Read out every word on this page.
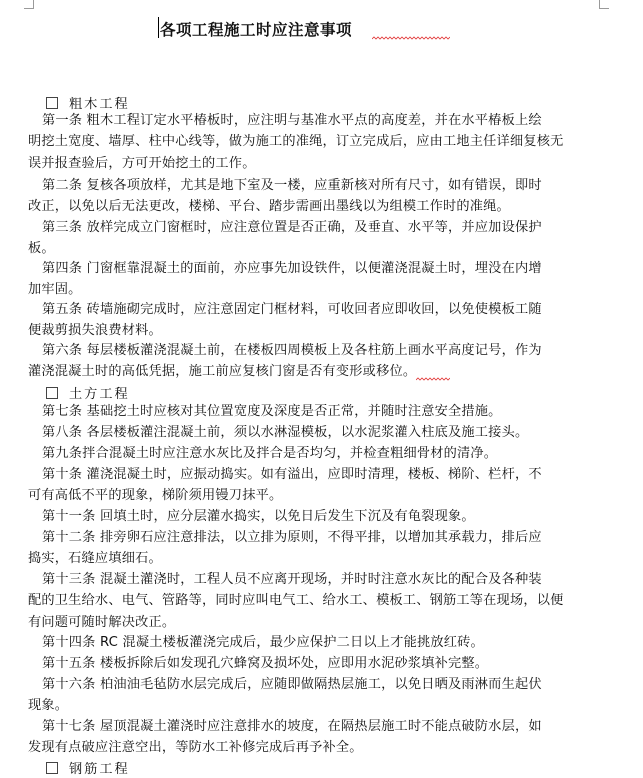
各项工程施工时应注意事项
粗木工程
第一条 粗木工程订定水平椿板时，应注明与基准水平点的高度差，并在水平椿板上绘
明挖土宽度、墙厚、柱中心线等，做为施工的准绳，订立完成后，应由工地主任详细复核无
误并报查验后，方可开始挖土的工作。
第二条 复核各项放样，尤其是地下室及一楼，应重新核对所有尺寸，如有错误，即时
改正，以免以后无法更改，楼梯、平台、踏步需画出墨线以为组模工作时的准绳。
第三条 放样完成立门窗框时，应注意位置是否正确，及垂直、水平等，并应加设保护
板。
第四条 门窗框靠混凝土的面前，亦应事先加设铁件，以便灌浇混凝土时，埋没在内增
加牢固。
第五条 砖墙施砌完成时，应注意固定门框材料，可收回者应即收回，以免使模板工随
便裁剪损失浪费材料。
第六条 每层楼板灌浇混凝土前，在楼板四周模板上及各柱筋上画水平高度记号，作为
灌浇混凝土时的高低凭据，施工前应复核门窗是否有变形或移位。
土方工程
第七条 基础挖土时应核对其位置宽度及深度是否正常，并随时注意安全措施。
第八条 各层楼板灌注混凝土前，须以水淋湿模板，以水泥浆灌入柱底及施工接头。
第九条拌合混凝土时应注意水灰比及拌合是否均匀，并检查粗细骨材的清净。
第十条 灌浇混凝土时，应振动捣实。如有溢出，应即时清理，楼板、梯阶、栏杆，不
可有高低不平的现象，梯阶须用镘刀抹平。
第十一条 回填土时，应分层灌水捣实，以免日后发生下沉及有龟裂现象。
第十二条 排旁卵石应注意排法，以立排为原则，不得平排，以增加其承载力，排后应
捣实，石缝应填细石。
第十三条 混凝土灌浇时，工程人员不应离开现场，并时时注意水灰比的配合及各种装
配的卫生给水、电气、管路等，同时应叫电气工、给水工、模板工、钢筋工等在现场，以便
有问题可随时解决改正。
第十四条 RC 混凝土楼板灌浇完成后，最少应保护二日以上才能挑放红砖。
第十五条 楼板拆除后如发现孔穴蜂窝及损坏处，应即用水泥砂浆填补完整。
第十六条 柏油油毛毡防水层完成后，应随即做隔热层施工，以免日晒及雨淋而生起伏
现象。
第十七条 屋顶混凝土灌浇时应注意排水的坡度，在隔热层施工时不能点破防水层，如
发现有点破应注意空出，等防水工补修完成后再予补全。
钢筋工程
